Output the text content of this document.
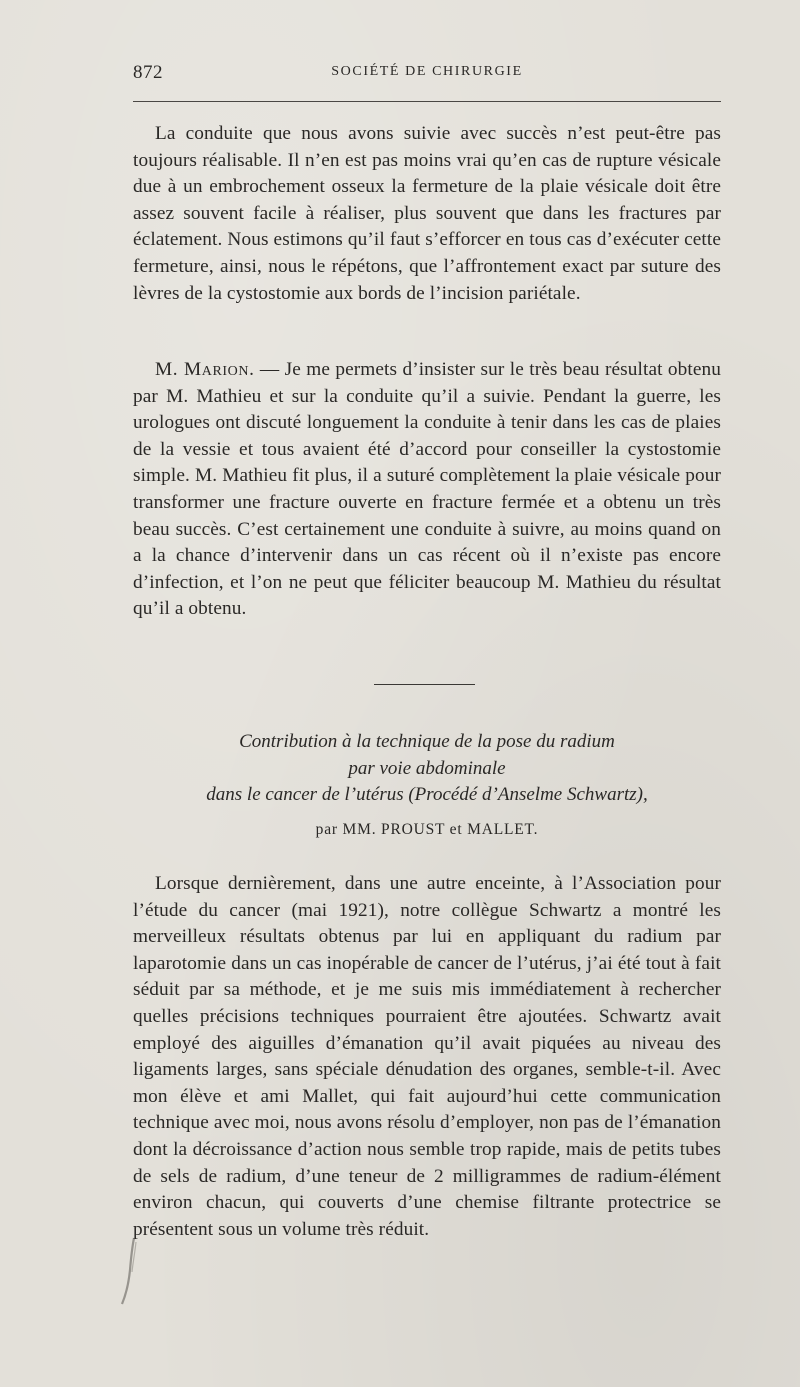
872	SOCIÉTÉ DE CHIRURGIE

La conduite que nous avons suivie avec succès n’est peut-être pas toujours réalisable. Il n’en est pas moins vrai qu’en cas de rupture vésicale due à un embrochement osseux la fermeture de la plaie vésicale doit être assez souvent facile à réaliser, plus souvent que dans les fractures par éclatement. Nous estimons qu’il faut s’efforcer en tous cas d’exécuter cette fermeture, ainsi, nous le répétons, que l’affrontement exact par suture des lèvres de la cystostomie aux bords de l’incision pariétale.

M. Marion. — Je me permets d’insister sur le très beau résultat obtenu par M. Mathieu et sur la conduite qu’il a suivie. Pendant la guerre, les urologues ont discuté longuement la conduite à tenir dans les cas de plaies de la vessie et tous avaient été d’accord pour conseiller la cystostomie simple. M. Mathieu fit plus, il a suturé complètement la plaie vésicale pour transformer une fracture ouverte en fracture fermée et a obtenu un très beau succès. C’est certainement une conduite à suivre, au moins quand on a la chance d’intervenir dans un cas récent où il n’existe pas encore d’infection, et l’on ne peut que féliciter beaucoup M. Mathieu du résultat qu’il a obtenu.

Contribution à la technique de la pose du radium
par voie abdominale
dans le cancer de l’utérus (Procédé d’Anselme Schwartz),

par MM. PROUST et MALLET.

Lorsque dernièrement, dans une autre enceinte, à l’Association pour l’étude du cancer (mai 1921), notre collègue Schwartz a montré les merveilleux résultats obtenus par lui en appliquant du radium par laparotomie dans un cas inopérable de cancer de l’utérus, j’ai été tout à fait séduit par sa méthode, et je me suis mis immédiatement à rechercher quelles précisions techniques pourraient être ajoutées. Schwartz avait employé des aiguilles d’émanation qu’il avait piquées au niveau des ligaments larges, sans spéciale dénudation des organes, semble-t-il. Avec mon élève et ami Mallet, qui fait aujourd’hui cette communication technique avec moi, nous avons résolu d’employer, non pas de l’émanation dont la décroissance d’action nous semble trop rapide, mais de petits tubes de sels de radium, d’une teneur de 2 milligrammes de radium-élément environ chacun, qui couverts d’une chemise filtrante protectrice se présentent sous un volume très réduit.
